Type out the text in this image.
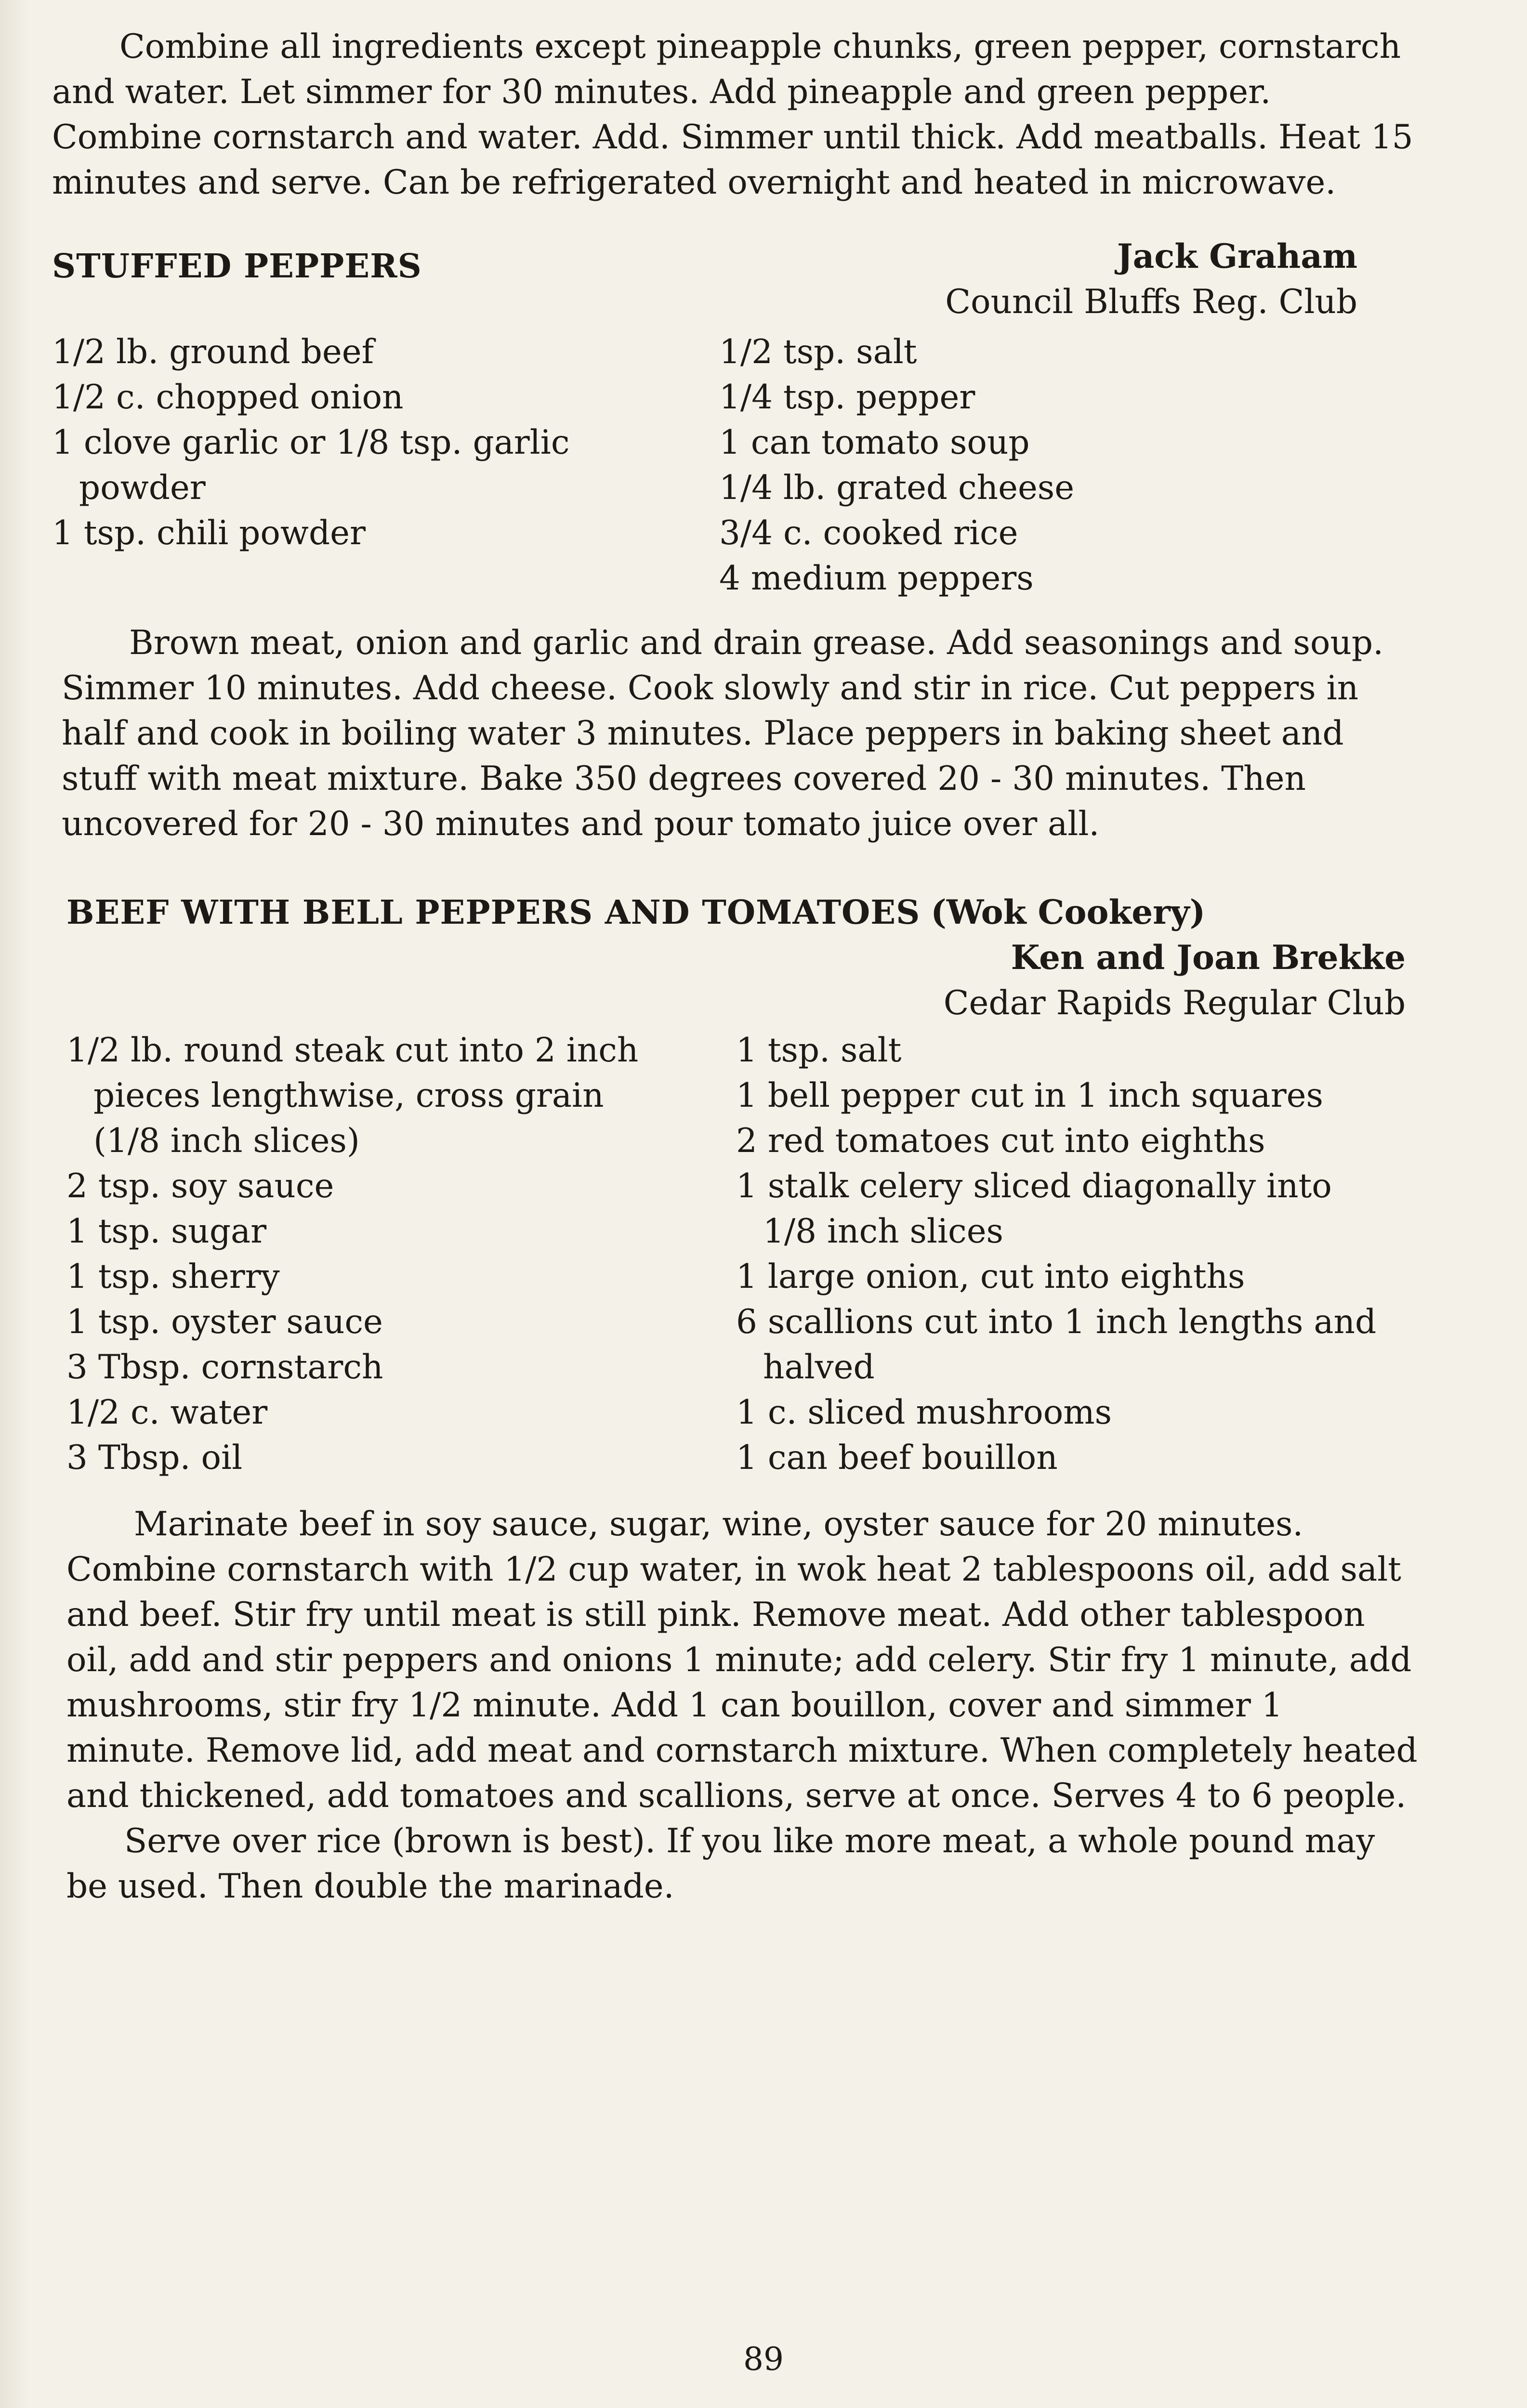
Combine all ingredients except pineapple chunks, green pepper, cornstarch and water. Let simmer for 30 minutes. Add pineapple and green pepper. Combine cornstarch and water. Add. Simmer until thick. Add meatballs. Heat 15 minutes and serve. Can be refrigerated overnight and heated in microwave.

STUFFED PEPPERS	Jack Graham
Council Bluffs Reg. Club
1/2 lb. ground beef
1/2 c. chopped onion
1 clove garlic or 1/8 tsp. garlic powder
1 tsp. chili powder
1/2 tsp. salt
1/4 tsp. pepper
1 can tomato soup
1/4 lb. grated cheese
3/4 c. cooked rice
4 medium peppers

Brown meat, onion and garlic and drain grease. Add seasonings and soup. Simmer 10 minutes. Add cheese. Cook slowly and stir in rice. Cut peppers in half and cook in boiling water 3 minutes. Place peppers in baking sheet and stuff with meat mixture. Bake 350 degrees covered 20 - 30 minutes. Then uncovered for 20 - 30 minutes and pour tomato juice over all.

BEEF WITH BELL PEPPERS AND TOMATOES (Wok Cookery)
Ken and Joan Brekke
Cedar Rapids Regular Club
1/2 lb. round steak cut into 2 inch pieces lengthwise, cross grain (1/8 inch slices)
2 tsp. soy sauce
1 tsp. sugar
1 tsp. sherry
1 tsp. oyster sauce
3 Tbsp. cornstarch
1/2 c. water
3 Tbsp. oil
1 tsp. salt
1 bell pepper cut in 1 inch squares
2 red tomatoes cut into eighths
1 stalk celery sliced diagonally into 1/8 inch slices
1 large onion, cut into eighths
6 scallions cut into 1 inch lengths and halved
1 c. sliced mushrooms
1 can beef bouillon

Marinate beef in soy sauce, sugar, wine, oyster sauce for 20 minutes. Combine cornstarch with 1/2 cup water, in wok heat 2 tablespoons oil, add salt and beef. Stir fry until meat is still pink. Remove meat. Add other tablespoon oil, add and stir peppers and onions 1 minute; add celery. Stir fry 1 minute, add mushrooms, stir fry 1/2 minute. Add 1 can bouillon, cover and simmer 1 minute. Remove lid, add meat and cornstarch mixture. When completely heated and thickened, add tomatoes and scallions, serve at once. Serves 4 to 6 people.

Serve over rice (brown is best). If you like more meat, a whole pound may be used. Then double the marinade.

89
